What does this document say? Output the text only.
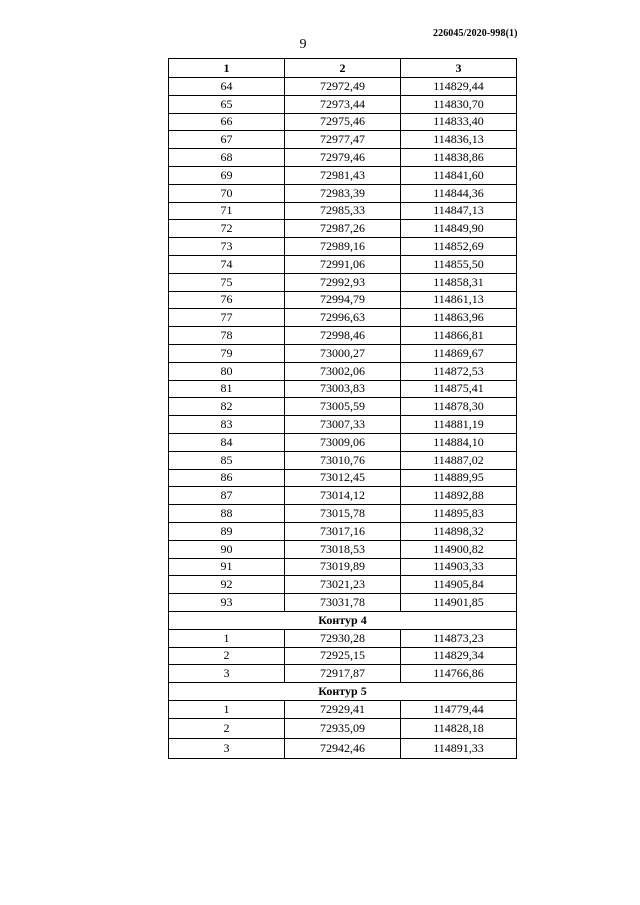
226045/2020-998(1)
9
1	2	3
64	72972,49	114829,44
65	72973,44	114830,70
66	72975,46	114833,40
67	72977,47	114836,13
68	72979,46	114838,86
69	72981,43	114841,60
70	72983,39	114844,36
71	72985,33	114847,13
72	72987,26	114849,90
73	72989,16	114852,69
74	72991,06	114855,50
75	72992,93	114858,31
76	72994,79	114861,13
77	72996,63	114863,96
78	72998,46	114866,81
79	73000,27	114869,67
80	73002,06	114872,53
81	73003,83	114875,41
82	73005,59	114878,30
83	73007,33	114881,19
84	73009,06	114884,10
85	73010,76	114887,02
86	73012,45	114889,95
87	73014,12	114892,88
88	73015,78	114895,83
89	73017,16	114898,32
90	73018,53	114900,82
91	73019,89	114903,33
92	73021,23	114905,84
93	73031,78	114901,85
Контур 4		
1	72930,28	114873,23
2	72925,15	114829,34
3	72917,87	114766,86
Контур 5		
1	72929,41	114779,44
2	72935,09	114828,18
3	72942,46	114891,33
